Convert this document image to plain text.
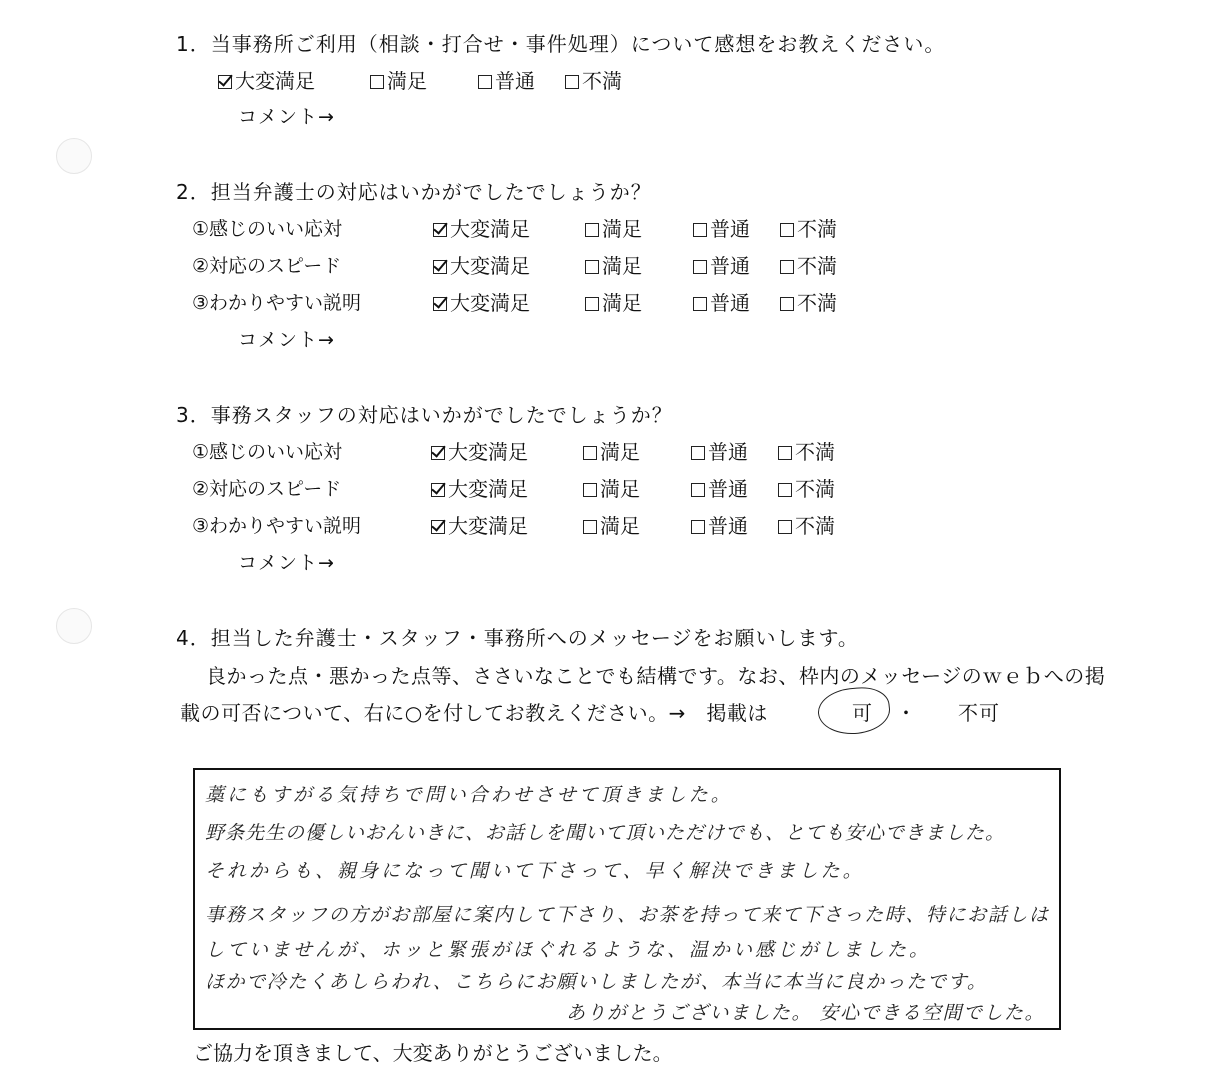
1．当事務所ご利用（相談・打合せ・事件処理）について感想をお教えください。
大変満足	満足	普通	不満
コメント→
2．担当弁護士の対応はいかがでしたでしょうか？
①感じのいい応対	大変満足	満足	普通	不満
②対応のスピード	大変満足	満足	普通	不満
③わかりやすい説明	大変満足	満足	普通	不満
コメント→
3．事務スタッフの対応はいかがでしたでしょうか？
①感じのいい応対	大変満足	満足	普通	不満
②対応のスピード	大変満足	満足	普通	不満
③わかりやすい説明	大変満足	満足	普通	不満
コメント→
4．担当した弁護士・スタッフ・事務所へのメッセージをお願いします。
良かった点・悪かった点等、ささいなことでも結構です。なお、枠内のメッセージのｗｅｂへの掲
載の可否について、右に○を付してお教えください。→　掲載は	可 ・ 不可
藁にもすがる気持ちで問い合わせさせて頂きました。
野条先生の優しいおんいきに、お話しを聞いて頂いただけでも、とても安心できました。
それからも、親身になって聞いて下さって、早く解決できました。
事務スタッフの方がお部屋に案内して下さり、お茶を持って来て下さった時、特にお話しは
していませんが、ホッと緊張がほぐれるような、温かい感じがしました。
ほかで冷たくあしらわれ、こちらにお願いしましたが、本当に本当に良かったです。
ありがとうございました。 安心できる空間でした。
ご協力を頂きまして、大変ありがとうございました。
